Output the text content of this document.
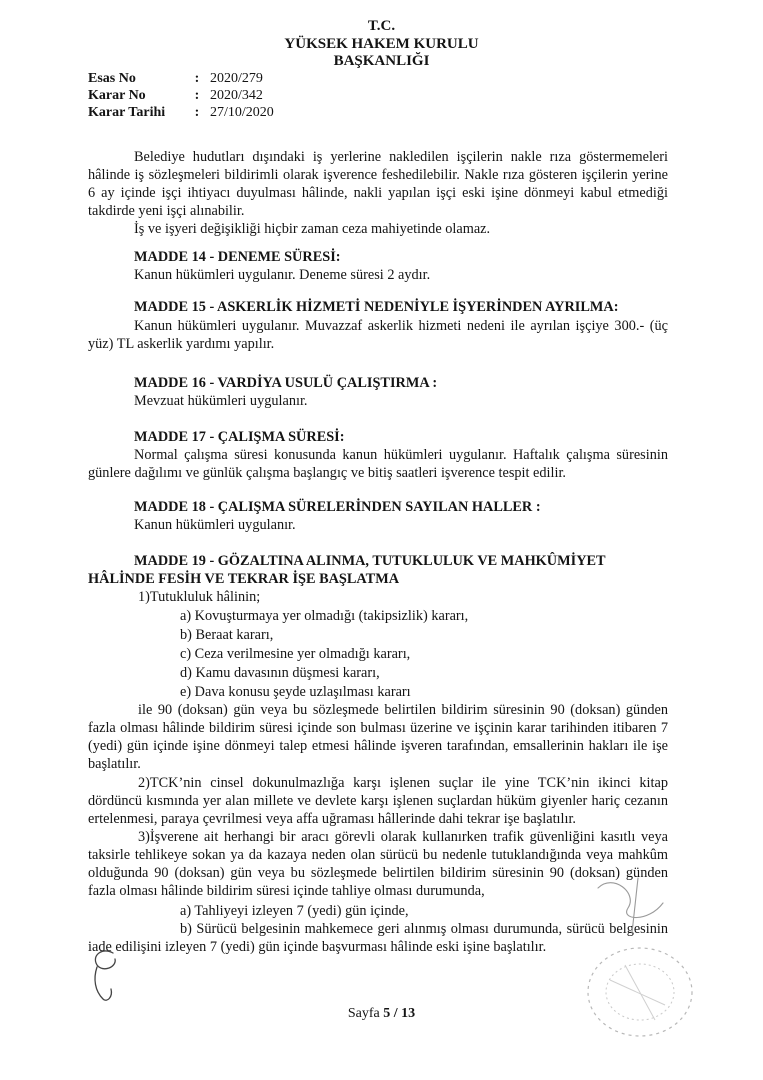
T.C.
YÜKSEK HAKEM KURULU
BAŞKANLIĞI
Esas No	: 2020/279
Karar No	: 2020/342
Karar Tarihi	: 27/10/2020

Belediye hudutları dışındaki iş yerlerine nakledilen işçilerin nakle rıza göstermemeleri hâlinde iş sözleşmeleri bildirimli olarak işverence feshedilebilir. Nakle rıza gösteren işçilerin yerine 6 ay içinde işçi ihtiyacı duyulması hâlinde, nakli yapılan işçi eski işine dönmeyi kabul etmediği takdirde yeni işçi alınabilir.

İş ve işyeri değişikliği hiçbir zaman ceza mahiyetinde olamaz.

MADDE 14 - DENEME SÜRESİ:
Kanun hükümleri uygulanır. Deneme süresi 2 aydır.
MADDE 15 - ASKERLİK HİZMETİ NEDENİYLE İŞYERİNDEN AYRILMA:

Kanun hükümleri uygulanır. Muvazzaf askerlik hizmeti nedeni ile ayrılan işçiye 300.- (üç yüz) TL askerlik yardımı yapılır.

MADDE 16 - VARDİYA USULÜ ÇALIŞTIRMA :
Mevzuat hükümleri uygulanır.
MADDE 17 - ÇALIŞMA SÜRESİ:

Normal çalışma süresi konusunda kanun hükümleri uygulanır. Haftalık çalışma süresinin günlere dağılımı ve günlük çalışma başlangıç ve bitiş saatleri işverence tespit edilir.

MADDE 18 - ÇALIŞMA SÜRELERİNDEN SAYILAN HALLER :
Kanun hükümleri uygulanır.
MADDE 19 - GÖZALTINA ALINMA, TUTUKLULUK VE MAHKÛMİYET HÂLİNDE FESİH VE TEKRAR İŞE BAŞLATMA
1)Tutukluluk hâlinin;
a) Kovuşturmaya yer olmadığı (takipsizlik) kararı,
b) Beraat kararı,
c) Ceza verilmesine yer olmadığı kararı,
d) Kamu davasının düşmesi kararı,
e) Dava konusu şeyde uzlaşılması kararı

ile 90 (doksan) gün veya bu sözleşmede belirtilen bildirim süresinin 90 (doksan) günden fazla olması hâlinde bildirim süresi içinde son bulması üzerine ve işçinin karar tarihinden itibaren 7 (yedi) gün içinde işine dönmeyi talep etmesi hâlinde işveren tarafından, emsallerinin hakları ile işe başlatılır.

2)TCK’nin cinsel dokunulmazlığa karşı işlenen suçlar ile yine TCK’nin ikinci kitap dördüncü kısmında yer alan millete ve devlete karşı işlenen suçlardan hüküm giyenler hariç cezanın ertelenmesi, paraya çevrilmesi veya affa uğraması hâllerinde dahi tekrar işe başlatılır.

3)İşverene ait herhangi bir aracı görevli olarak kullanırken trafik güvenliğini kasıtlı veya taksirle tehlikeye sokan ya da kazaya neden olan sürücü bu nedenle tutuklandığında veya mahkûm olduğunda 90 (doksan) gün veya bu sözleşmede belirtilen bildirim süresinin 90 (doksan) günden fazla olması hâlinde bildirim süresi içinde tahliye olması durumunda,

a) Tahliyeyi izleyen 7 (yedi) gün içinde,

b) Sürücü belgesinin mahkemece geri alınmış olması durumunda, sürücü belgesinin iade edilişini izleyen 7 (yedi) gün içinde başvurması hâlinde eski işine başlatılır.

Sayfa 5 / 13
